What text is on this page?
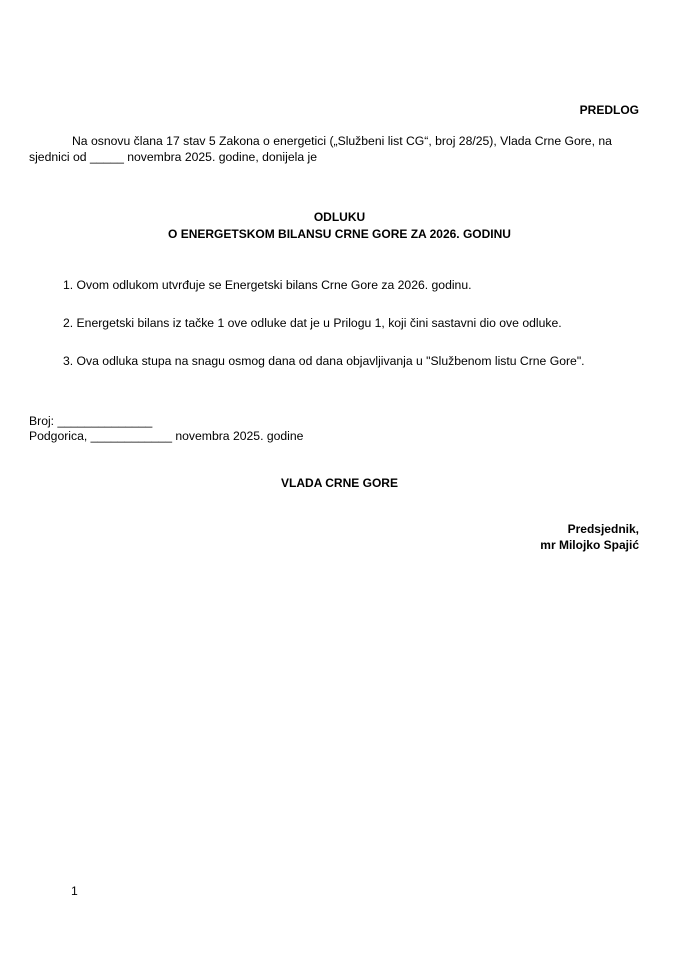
PREDLOG
Na osnovu člana 17 stav 5 Zakona o energetici („Službeni list CG“, broj 28/25), Vlada Crne Gore, na sjednici od _____ novembra 2025. godine, donijela je
ODLUKU
O ENERGETSKOM BILANSU CRNE GORE ZA 2026. GODINU
1. Ovom odlukom utvrđuje se Energetski bilans Crne Gore za 2026. godinu.
2. Energetski bilans iz tačke 1 ove odluke dat je u Prilogu 1, koji čini sastavni dio ove odluke.
3. Ova odluka stupa na snagu osmog dana od dana objavljivanja u "Službenom listu Crne Gore".
Broj: ______________
Podgorica, ____________ novembra 2025. godine
VLADA CRNE GORE
Predsjednik,
mr Milojko Spajić
1
